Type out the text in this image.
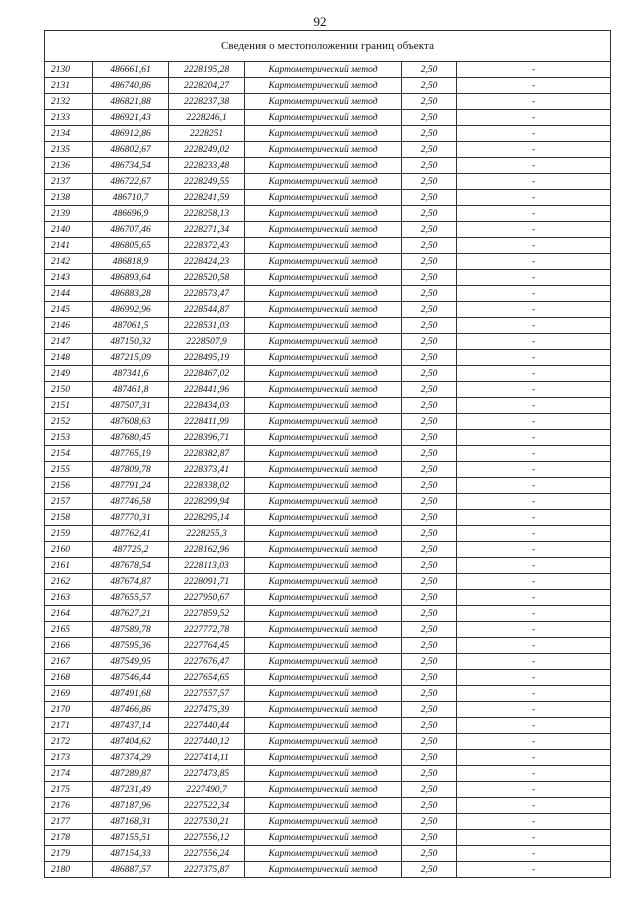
92
Сведения о местоположении границ объекта					
2130	486661,61	2228195,28	Картометрический метод	2,50	-
2131	486740,86	2228204,27	Картометрический метод	2,50	-
2132	486821,88	2228237,38	Картометрический метод	2,50	-
2133	486921,43	2228246,1	Картометрический метод	2,50	-
2134	486912,86	2228251	Картометрический метод	2,50	-
2135	486802,67	2228249,02	Картометрический метод	2,50	-
2136	486734,54	2228233,48	Картометрический метод	2,50	-
2137	486722,67	2228249,55	Картометрический метод	2,50	-
2138	486710,7	2228241,59	Картометрический метод	2,50	-
2139	486696,9	2228258,13	Картометрический метод	2,50	-
2140	486707,46	2228271,34	Картометрический метод	2,50	-
2141	486805,65	2228372,43	Картометрический метод	2,50	-
2142	486818,9	2228424,23	Картометрический метод	2,50	-
2143	486893,64	2228520,58	Картометрический метод	2,50	-
2144	486883,28	2228573,47	Картометрический метод	2,50	-
2145	486992,96	2228544,87	Картометрический метод	2,50	-
2146	487061,5	2228531,03	Картометрический метод	2,50	-
2147	487150,32	2228507,9	Картометрический метод	2,50	-
2148	487215,09	2228495,19	Картометрический метод	2,50	-
2149	487341,6	2228467,02	Картометрический метод	2,50	-
2150	487461,8	2228441,96	Картометрический метод	2,50	-
2151	487507,31	2228434,03	Картометрический метод	2,50	-
2152	487608,63	2228411,99	Картометрический метод	2,50	-
2153	487680,45	2228396,71	Картометрический метод	2,50	-
2154	487765,19	2228382,87	Картометрический метод	2,50	-
2155	487809,78	2228373,41	Картометрический метод	2,50	-
2156	487791,24	2228338,02	Картометрический метод	2,50	-
2157	487746,58	2228299,94	Картометрический метод	2,50	-
2158	487770,31	2228295,14	Картометрический метод	2,50	-
2159	487762,41	2228255,3	Картометрический метод	2,50	-
2160	487725,2	2228162,96	Картометрический метод	2,50	-
2161	487678,54	2228113,03	Картометрический метод	2,50	-
2162	487674,87	2228091,71	Картометрический метод	2,50	-
2163	487655,57	2227950,67	Картометрический метод	2,50	-
2164	487627,21	2227859,52	Картометрический метод	2,50	-
2165	487589,78	2227772,78	Картометрический метод	2,50	-
2166	487595,36	2227764,45	Картометрический метод	2,50	-
2167	487549,95	2227676,47	Картометрический метод	2,50	-
2168	487546,44	2227654,65	Картометрический метод	2,50	-
2169	487491,68	2227557,57	Картометрический метод	2,50	-
2170	487466,86	2227475,39	Картометрический метод	2,50	-
2171	487437,14	2227440,44	Картометрический метод	2,50	-
2172	487404,62	2227440,12	Картометрический метод	2,50	-
2173	487374,29	2227414,11	Картометрический метод	2,50	-
2174	487289,87	2227473,85	Картометрический метод	2,50	-
2175	487231,49	2227490,7	Картометрический метод	2,50	-
2176	487187,96	2227522,34	Картометрический метод	2,50	-
2177	487168,31	2227530,21	Картометрический метод	2,50	-
2178	487155,51	2227556,12	Картометрический метод	2,50	-
2179	487154,33	2227556,24	Картометрический метод	2,50	-
2180	486887,57	2227375,87	Картометрический метод	2,50	-
